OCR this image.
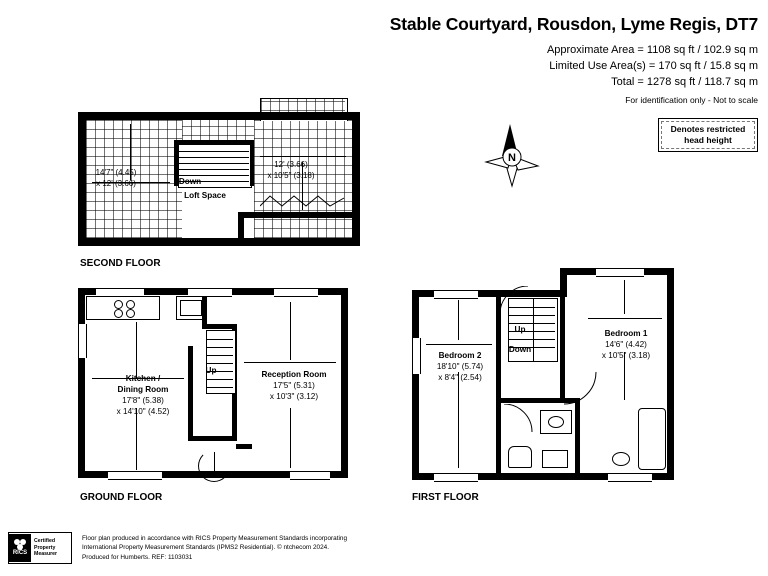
Stable Courtyard, Rousdon, Lyme Regis, DT7
Approximate Area = 1108 sq ft / 102.9 sq m
Limited Use Area(s) = 170 sq ft / 15.8 sq m
Total = 1278 sq ft / 118.7 sq m
For identification only - Not to scale
Denotes restricted head height
N
14'7" (4.45)
x 12' (3.66)
12' (3.66)
x 10'5" (3.18)
Down
Loft Space
SECOND FLOOR
Up
Kitchen /
Dining Room
17'8" (5.38)
x 14'10" (4.52)
Reception Room
17'5" (5.31)
x 10'3" (3.12)
GROUND FLOOR
Up
Down
Bedroom 2
18'10" (5.74)
x 8'4" (2.54)
Bedroom 1
14'6" (4.42)
x 10'5" (3.18)
FIRST FLOOR
RICS
Certified
Property
Measurer
Floor plan produced in accordance with RICS Property Measurement Standards incorporating
International Property Measurement Standards (IPMS2 Residential). © ntchecom 2024.
Produced for Humberts. REF: 1103031
